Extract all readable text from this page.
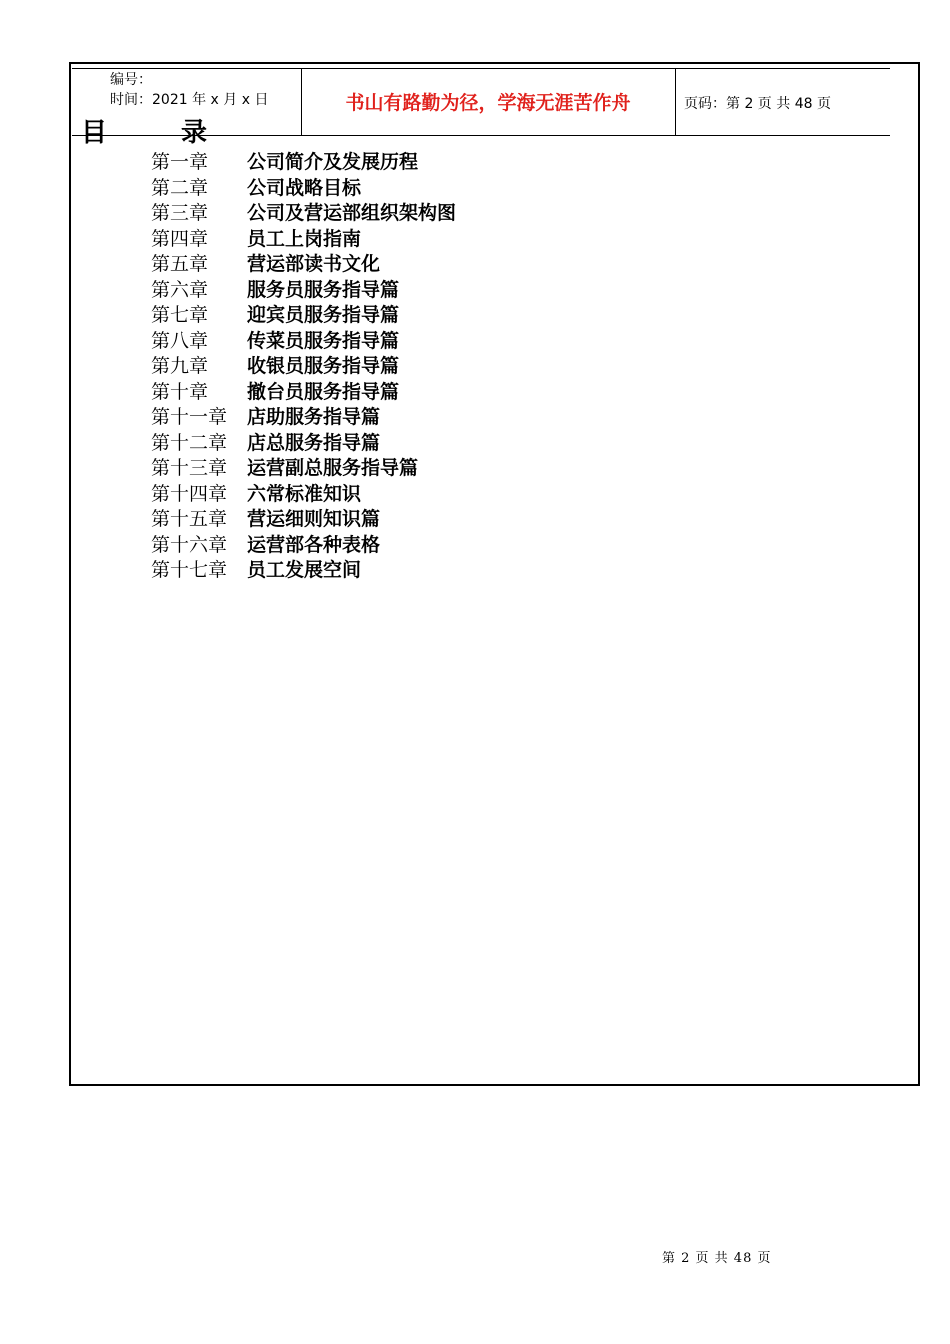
编号：
时间：2021 年 x 月 x 日	书山有路勤为径，学海无涯苦作舟	页码：第 2 页 共 48 页
目	录
第一章 公司简介及发展历程
第二章 公司战略目标
第三章 公司及营运部组织架构图
第四章 员工上岗指南
第五章 营运部读书文化
第六章 服务员服务指导篇
第七章 迎宾员服务指导篇
第八章 传菜员服务指导篇
第九章 收银员服务指导篇
第十章 撤台员服务指导篇
第十一章 店助服务指导篇
第十二章 店总服务指导篇
第十三章 运营副总服务指导篇
第十四章 六常标准知识
第十五章 营运细则知识篇
第十六章 运营部各种表格
第十七章 员工发展空间
第 2 页 共 48 页
